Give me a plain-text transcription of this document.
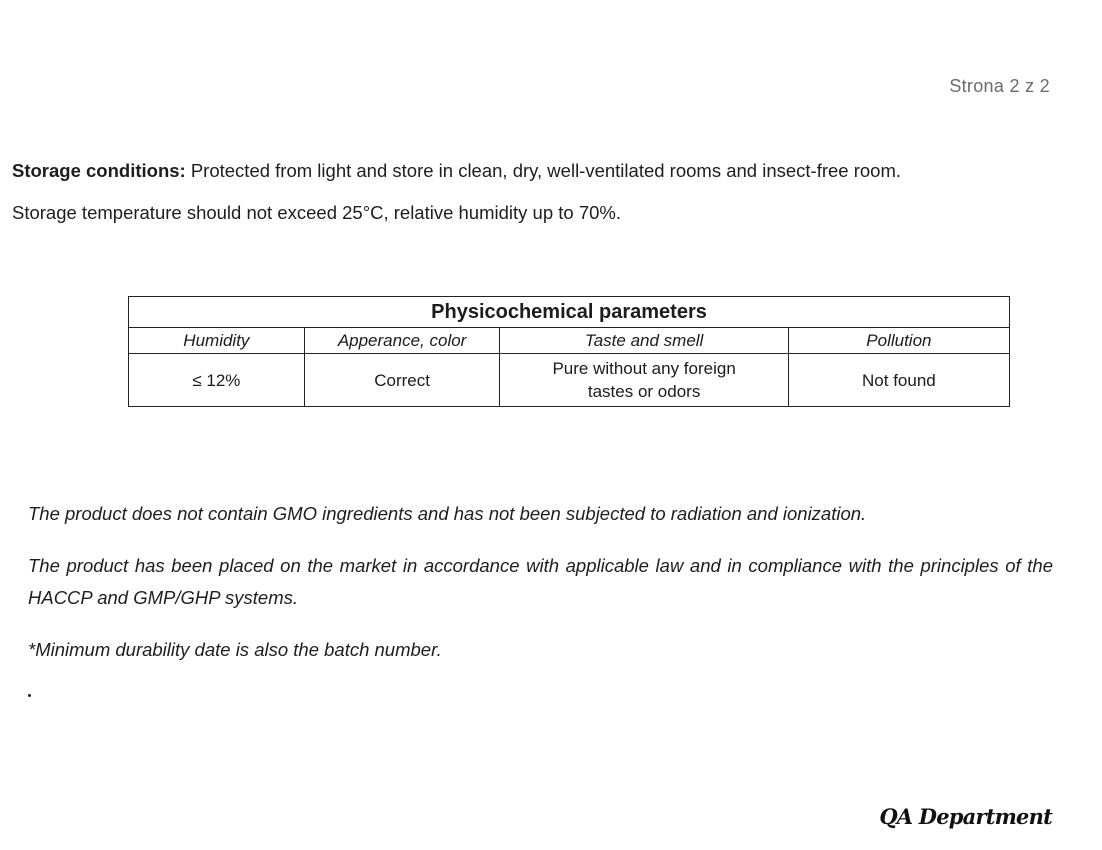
Strona 2 z 2
Storage conditions: Protected from light and store in clean, dry, well-ventilated rooms and insect-free room.
Storage temperature should not exceed 25°C, relative humidity up to 70%.
Physicochemical parameters			
Humidity	Apperance, color	Taste and smell	Pollution
≤ 12%	Correct	Pure without any foreign tastes or odors	Not found

The product does not contain GMO ingredients and has not been subjected to radiation and ionization.

The product has been placed on the market in accordance with applicable law and in compliance with the principles of the HACCP and GMP/GHP systems.

*Minimum durability date is also the batch number.

QA Department
